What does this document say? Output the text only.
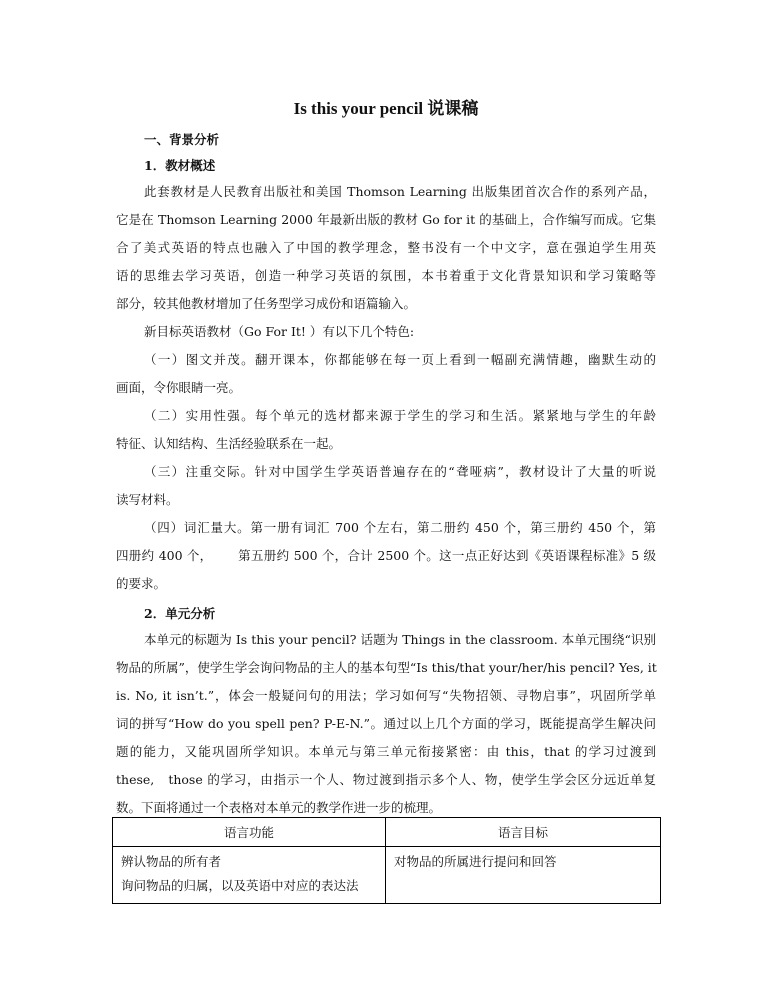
Is this your pencil 说课稿
一、背景分析
1．教材概述
此套教材是人民教育出版社和美国 Thomson Learning 出版集团首次合作的系列产品，
它是在 Thomson Learning 2000 年最新出版的教材 Go for it 的基础上，合作编写而成。它集
合了美式英语的特点也融入了中国的教学理念，整书没有一个中文字，意在强迫学生用英
语的思维去学习英语，创造一种学习英语的氛围，本书着重于文化背景知识和学习策略等
部分，较其他教材增加了任务型学习成份和语篇输入。
新目标英语教材（Go For It! ）有以下几个特色:
（一）图文并茂。翻开课本，你都能够在每一页上看到一幅副充满情趣，幽默生动的
画面，令你眼睛一亮。
（二）实用性强。每个单元的选材都来源于学生的学习和生活。紧紧地与学生的年龄
特征、认知结构、生活经验联系在一起。
（三）注重交际。针对中国学生学英语普遍存在的“聋哑病”，教材设计了大量的听说
读写材料。
（四）词汇量大。第一册有词汇 700 个左右，第二册约 450 个，第三册约 450 个，第
四册约 400 个，      第五册约 500 个，合计 2500 个。这一点正好达到《英语课程标准》5 级
的要求。
2．单元分析
本单元的标题为 Is this your pencil? 话题为 Things in the classroom. 本单元围绕“识别
物品的所属”，使学生学会询问物品的主人的基本句型“Is this/that your/her/his pencil? Yes, it
is. No, it isn’t.”，体会一般疑问句的用法；学习如何写“失物招领、寻物启事”，巩固所学单
词的拼写“How do you spell pen? P-E-N.”。通过以上几个方面的学习，既能提高学生解决问
题的能力，又能巩固所学知识。本单元与第三单元衔接紧密：由 this，that 的学习过渡到
these,   those 的学习，由指示一个人、物过渡到指示多个人、物，使学生学会区分远近单复
数。下面将通过一个表格对本单元的教学作进一步的梳理。
语言功能	语言目标

辨认物品的所有者
询问物品的归属，以及英语中对应的表达法	对物品的所属进行提问和回答
